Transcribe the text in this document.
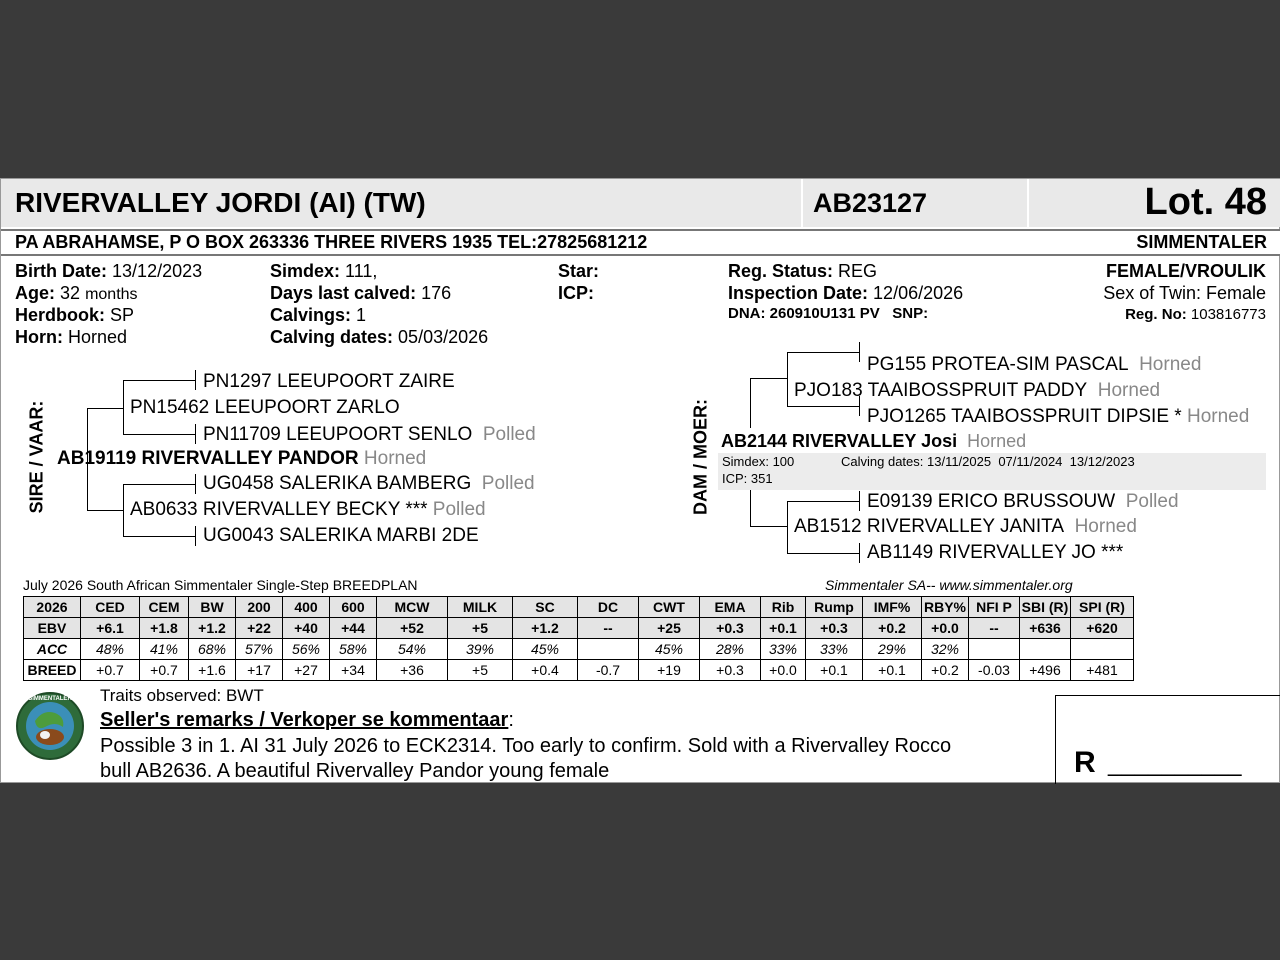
RIVERVALLEY JORDI (AI) (TW)	AB23127	Lot. 48
PA ABRAHAMSE, P O BOX 263336 THREE RIVERS 1935 TEL:27825681212	SIMMENTALER
Birth Date: 13/12/2023
Age: 32 months
Herdbook: SP
Horn: Horned
Simdex: 111,
Days last calved: 176
Calvings: 1
Calving dates: 05/03/2026
Star:
ICP:
Reg. Status: REG
Inspection Date: 12/06/2026
DNA: 260910U131 PV   SNP:
FEMALE/VROULIK
Sex of Twin: Female
Reg. No: 103816773
SIRE / VAAR:
PN1297 LEEUPOORT ZAIRE
PN15462 LEEUPOORT ZARLO
PN11709 LEEUPOORT SENLO Polled
AB19119 RIVERVALLEY PANDOR Horned
UG0458 SALERIKA BAMBERG Polled
AB0633 RIVERVALLEY BECKY *** Polled
UG0043 SALERIKA MARBI 2DE
DAM / MOER:
PG155 PROTEA-SIM PASCAL Horned
PJO183 TAAIBOSSPRUIT PADDY Horned
PJO1265 TAAIBOSSPRUIT DIPSIE * Horned
AB2144 RIVERVALLEY Josi Horned
Simdex: 100	Calving dates: 13/11/2025  07/11/2024  13/12/2023
ICP: 351
E09139 ERICO BRUSSOUW Polled
AB1512 RIVERVALLEY JANITA Horned
AB1149 RIVERVALLEY JO ***
July 2026 South African Simmentaler Single-Step BREEDPLAN	Simmentaler SA-- www.simmentaler.org
2026	CED	CEM	BW	200	400	600	MCW	MILK	SC	DC	CWT	EMA	Rib	Rump	IMF%	RBY%	NFI P	SBI (R)	SPI (R)
EBV	+6.1	+1.8	+1.2	+22	+40	+44	+52	+5	+1.2	--	+25	+0.3	+0.1	+0.3	+0.2	+0.0	--	+636	+620
ACC	48%	41%	68%	57%	56%	58%	54%	39%	45%		45%	28%	33%	33%	29%	32%			
BREED	+0.7	+0.7	+1.6	+17	+27	+34	+36	+5	+0.4	-0.7	+19	+0.3	+0.0	+0.1	+0.1	+0.2	-0.03	+496	+481
SIMMENTALER Traits observed: BWT
Seller's remarks / Verkoper se kommentaar:
Possible 3 in 1. AI 31 July 2026 to ECK2314. Too early to confirm. Sold with a Rivervalley Rocco
bull AB2636. A beautiful Rivervalley Pandor young female	R __________
